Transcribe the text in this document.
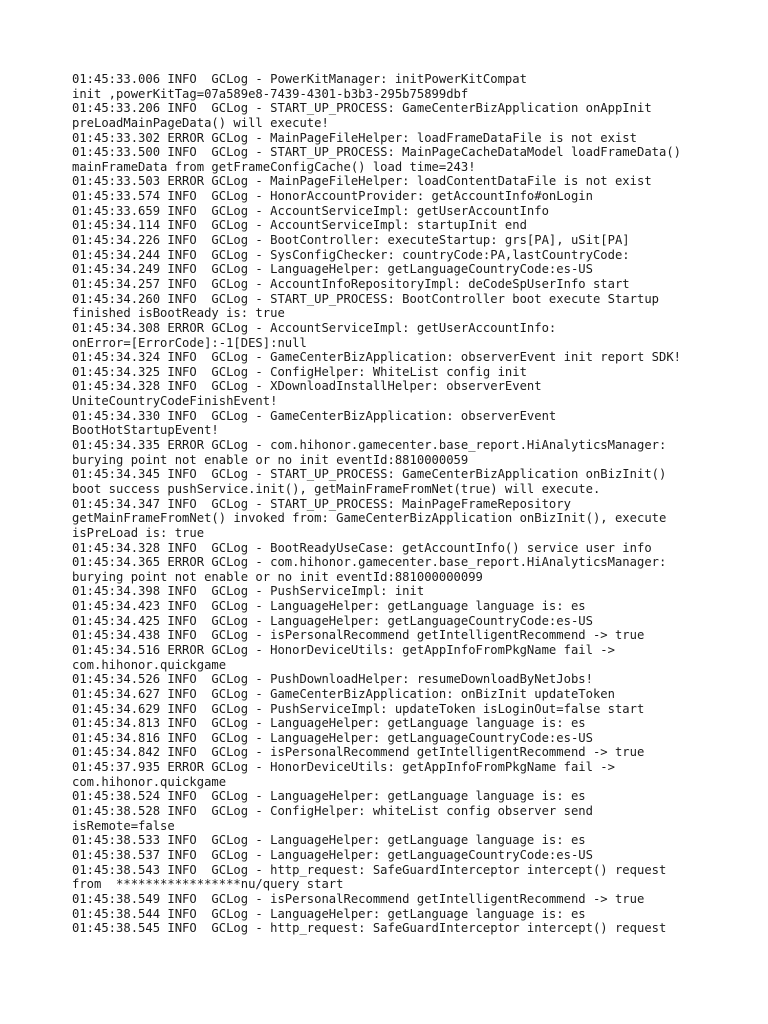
01:45:33.006 INFO  GCLog - PowerKitManager: initPowerKitCompat
init ,powerKitTag=07a589e8-7439-4301-b3b3-295b75899dbf
01:45:33.206 INFO  GCLog - START_UP_PROCESS: GameCenterBizApplication onAppInit
preLoadMainPageData() will execute!
01:45:33.302 ERROR GCLog - MainPageFileHelper: loadFrameDataFile is not exist
01:45:33.500 INFO  GCLog - START_UP_PROCESS: MainPageCacheDataModel loadFrameData()
mainFrameData from getFrameConfigCache() load time=243!
01:45:33.503 ERROR GCLog - MainPageFileHelper: loadContentDataFile is not exist
01:45:33.574 INFO  GCLog - HonorAccountProvider: getAccountInfo#onLogin
01:45:33.659 INFO  GCLog - AccountServiceImpl: getUserAccountInfo
01:45:34.114 INFO  GCLog - AccountServiceImpl: startupInit end
01:45:34.226 INFO  GCLog - BootController: executeStartup: grs[PA], uSit[PA]
01:45:34.244 INFO  GCLog - SysConfigChecker: countryCode:PA,lastCountryCode:
01:45:34.249 INFO  GCLog - LanguageHelper: getLanguageCountryCode:es-US
01:45:34.257 INFO  GCLog - AccountInfoRepositoryImpl: deCodeSpUserInfo start
01:45:34.260 INFO  GCLog - START_UP_PROCESS: BootController boot execute Startup
finished isBootReady is: true
01:45:34.308 ERROR GCLog - AccountServiceImpl: getUserAccountInfo:
onError=[ErrorCode]:-1[DES]:null
01:45:34.324 INFO  GCLog - GameCenterBizApplication: observerEvent init report SDK!
01:45:34.325 INFO  GCLog - ConfigHelper: WhiteList config init
01:45:34.328 INFO  GCLog - XDownloadInstallHelper: observerEvent
UniteCountryCodeFinishEvent!
01:45:34.330 INFO  GCLog - GameCenterBizApplication: observerEvent
BootHotStartupEvent!
01:45:34.335 ERROR GCLog - com.hihonor.gamecenter.base_report.HiAnalyticsManager:
burying point not enable or no init eventId:8810000059
01:45:34.345 INFO  GCLog - START_UP_PROCESS: GameCenterBizApplication onBizInit()
boot success pushService.init(), getMainFrameFromNet(true) will execute.
01:45:34.347 INFO  GCLog - START_UP_PROCESS: MainPageFrameRepository
getMainFrameFromNet() invoked from: GameCenterBizApplication onBizInit(), execute
isPreLoad is: true
01:45:34.328 INFO  GCLog - BootReadyUseCase: getAccountInfo() service user info
01:45:34.365 ERROR GCLog - com.hihonor.gamecenter.base_report.HiAnalyticsManager:
burying point not enable or no init eventId:881000000099
01:45:34.398 INFO  GCLog - PushServiceImpl: init
01:45:34.423 INFO  GCLog - LanguageHelper: getLanguage language is: es
01:45:34.425 INFO  GCLog - LanguageHelper: getLanguageCountryCode:es-US
01:45:34.438 INFO  GCLog - isPersonalRecommend getIntelligentRecommend -> true
01:45:34.516 ERROR GCLog - HonorDeviceUtils: getAppInfoFromPkgName fail ->
com.hihonor.quickgame
01:45:34.526 INFO  GCLog - PushDownloadHelper: resumeDownloadByNetJobs!
01:45:34.627 INFO  GCLog - GameCenterBizApplication: onBizInit updateToken
01:45:34.629 INFO  GCLog - PushServiceImpl: updateToken isLoginOut=false start
01:45:34.813 INFO  GCLog - LanguageHelper: getLanguage language is: es
01:45:34.816 INFO  GCLog - LanguageHelper: getLanguageCountryCode:es-US
01:45:34.842 INFO  GCLog - isPersonalRecommend getIntelligentRecommend -> true
01:45:37.935 ERROR GCLog - HonorDeviceUtils: getAppInfoFromPkgName fail ->
com.hihonor.quickgame
01:45:38.524 INFO  GCLog - LanguageHelper: getLanguage language is: es
01:45:38.528 INFO  GCLog - ConfigHelper: whiteList config observer send
isRemote=false
01:45:38.533 INFO  GCLog - LanguageHelper: getLanguage language is: es
01:45:38.537 INFO  GCLog - LanguageHelper: getLanguageCountryCode:es-US
01:45:38.543 INFO  GCLog - http_request: SafeGuardInterceptor intercept() request
from  *****************nu/query start
01:45:38.549 INFO  GCLog - isPersonalRecommend getIntelligentRecommend -> true
01:45:38.544 INFO  GCLog - LanguageHelper: getLanguage language is: es
01:45:38.545 INFO  GCLog - http_request: SafeGuardInterceptor intercept() request
